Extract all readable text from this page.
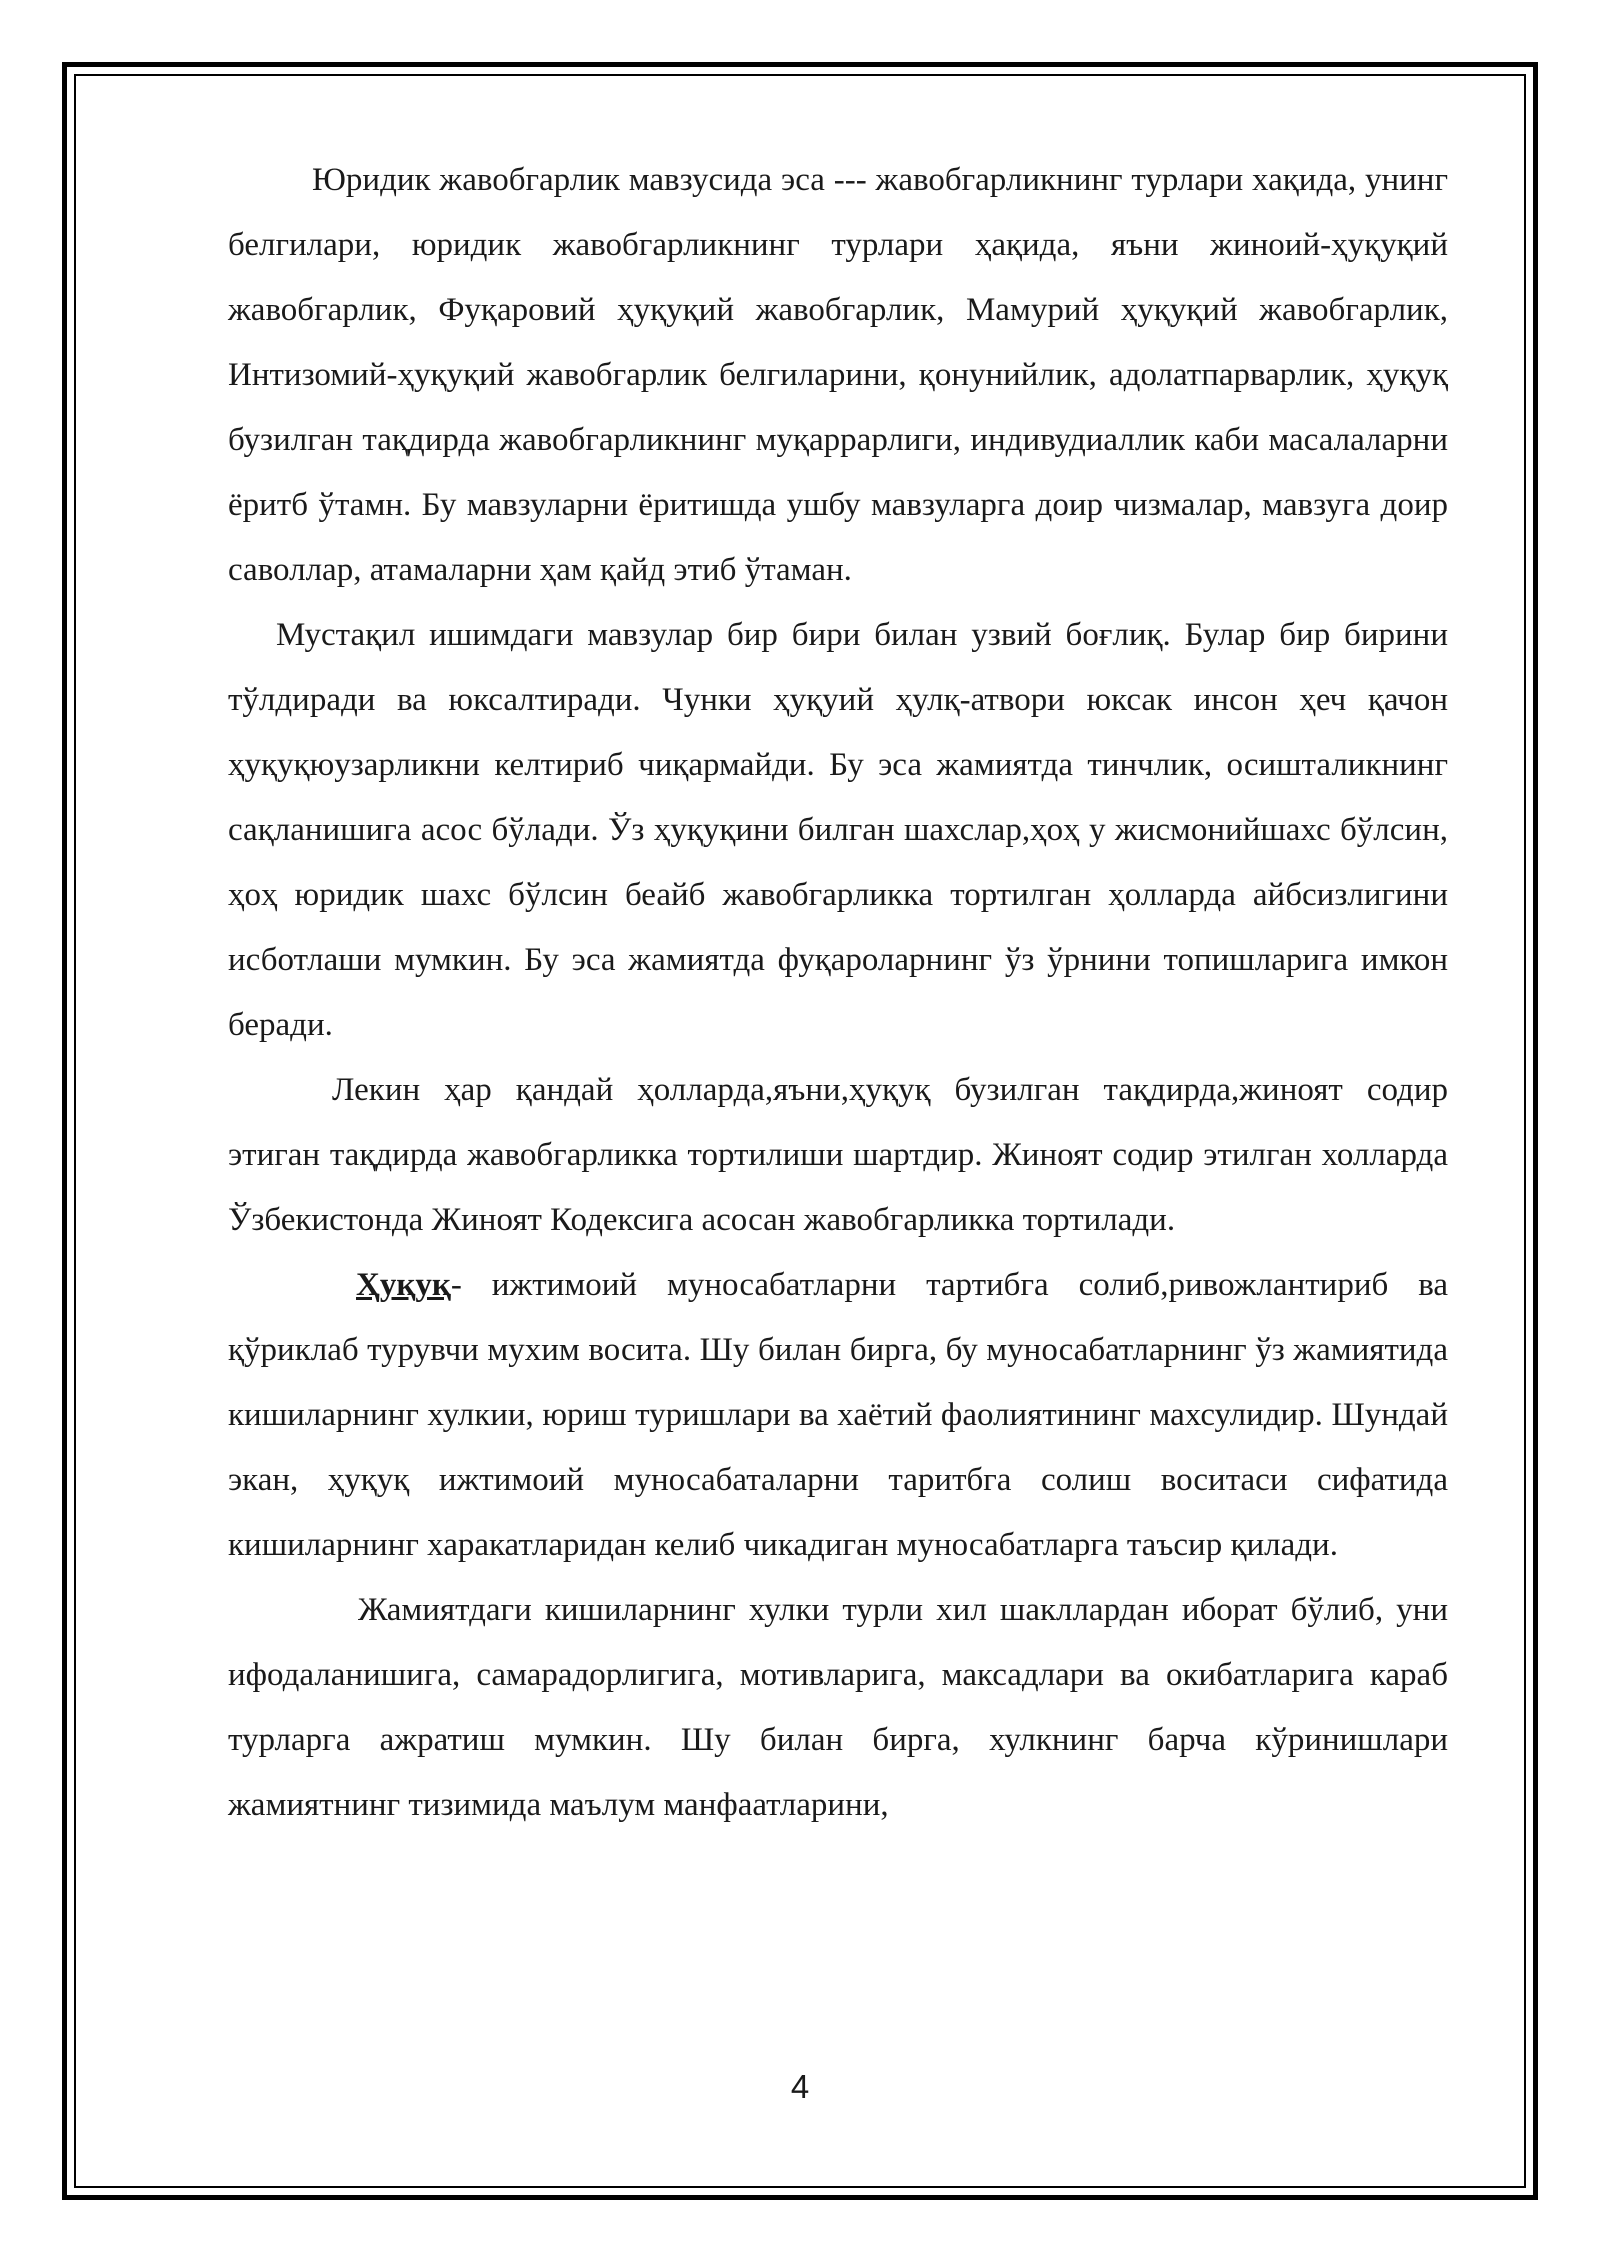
Юридик жавобгарлик мавзусида эса --- жавобгарликнинг турлари хақида, унинг белгилари, юридик жавобгарликнинг турлари ҳақида, яъни жиноий-ҳуқуқий жавобгарлик, Фуқаровий ҳуқуқий жавобгарлик, Мамурий ҳуқуқий жавобгарлик, Интизомий-ҳуқуқий жавобгарлик белгиларини, қонунийлик, адолатпарварлик, ҳуқуқ бузилган тақдирда жавобгарликнинг муқаррарлиги, индивудиаллик каби масалаларни ёритб ўтамн. Бу мавзуларни ёритишда ушбу мавзуларга доир чизмалар, мавзуга доир саволлар, атамаларни ҳам қайд этиб ўтаман.

Мустақил ишимдаги мавзулар бир бири билан узвий боғлиқ. Булар бир бирини тўлдиради ва юксалтиради. Чунки ҳуқуий ҳулқ-атвори юксак инсон ҳеч қачон ҳуқуқюузарликни келтириб чиқармайди. Бу эса жамиятда тинчлик, осишталикнинг сақланишига асос бўлади. Ўз ҳуқуқини билган шахслар,ҳоҳ у жисмонийшахс бўлсин, ҳоҳ юридик шахс бўлсин беайб жавобгарликка тортилган ҳолларда айбсизлигини исботлаши мумкин. Бу эса жамиятда фуқароларнинг ўз ўрнини топишларига имкон беради.

Лекин ҳар қандай ҳолларда,яъни,ҳуқуқ бузилган тақдирда,жиноят содир этиган тақдирда жавобгарликка тортилиши шартдир. Жиноят содир этилган холларда Ўзбекистонда Жиноят Кодексига асосан жавобгарликка тортилади.

Ҳуқуқ- ижтимоий муносабатларни тартибга солиб,ривожлантириб ва қўриклаб турувчи мухим восита. Шу билан бирга, бу муносабатларнинг ўз жамиятида кишиларнинг хулкии, юриш туришлари ва хаётий фаолиятининг махсулидир. Шундай экан, ҳуқуқ ижтимоий муносабаталарни таритбга солиш воситаси сифатида кишиларнинг харакатларидан келиб чикадиган муносабатларга таъсир қилади.

Жамиятдаги кишиларнинг хулки турли хил шакллардан иборат бўлиб, уни ифодаланишига, самарадорлигига, мотивларига, максадлари ва окибатларига караб турларга ажратиш мумкин. Шу билан бирга, хулкнинг барча кўринишлари жамиятнинг тизимида маълум манфаатларини,

4
